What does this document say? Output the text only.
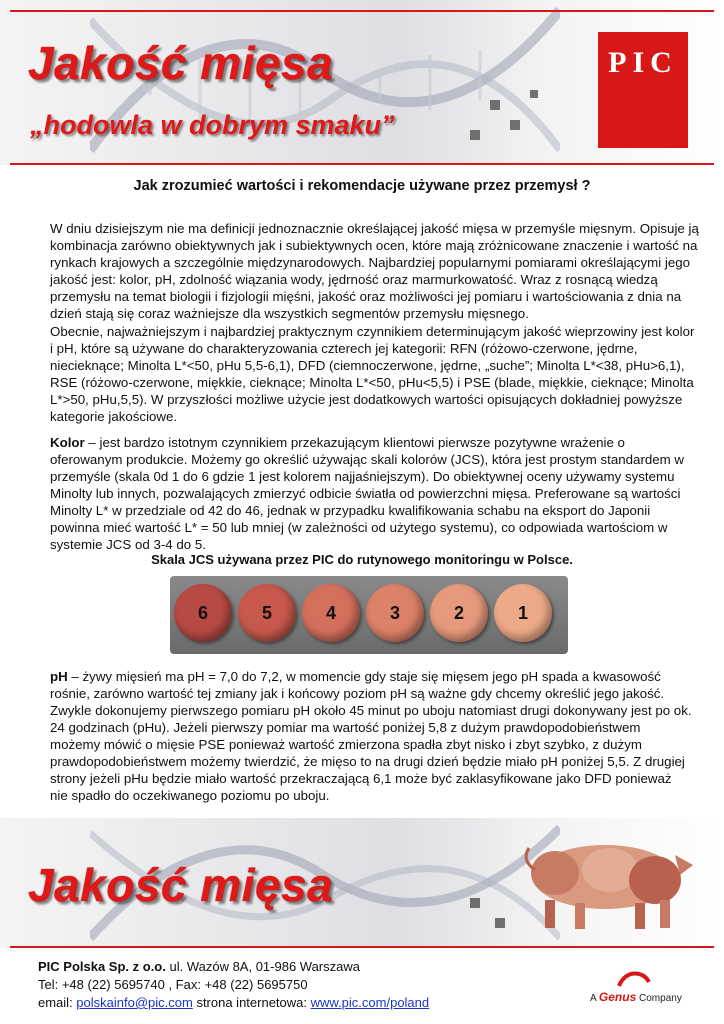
Jakość mięsa
„hodowla w dobrym smaku”
PIC
Jak zrozumieć wartości i rekomendacje używane przez przemysł ?

W dniu dzisiejszym nie ma definicji jednoznacznie określającej jakość mięsa w przemyśle mięsnym. Opisuje ją kombinacja zarówno obiektywnych jak i subiektywnych ocen, które mają zróżnicowane znaczenie i wartość na rynkach krajowych a szczególnie międzynarodowych. Najbardziej popularnymi pomiarami określającymi jego jakość jest: kolor, pH, zdolność wiązania wody, jędrność oraz marmurkowatość. Wraz z rosnącą wiedzą przemysłu na temat biologii i fizjologii mięśni, jakość oraz możliwości jej pomiaru i wartościowania z dnia na dzień stają się coraz ważniejsze dla wszystkich segmentów przemysłu mięsnego.

Obecnie, najważniejszym i najbardziej praktycznym czynnikiem determinującym jakość wieprzowiny jest kolor i pH, które są używane do charakteryzowania czterech jej kategorii: RFN (różowo-czerwone, jędrne, niecieknące; Minolta L*<50, pHu 5,5-6,1), DFD (ciemnoczerwone, jędrne, „suche”; Minolta L*<38, pHu>6,1), RSE (różowo-czerwone, miękkie, cieknące; Minolta L*<50, pHu<5,5) i PSE (blade, miękkie, cieknące; Minolta L*>50, pHu,5,5). W przyszłości możliwe użycie jest dodatkowych wartości opisujących dokładniej powyższe kategorie jakościowe.

Kolor – jest bardzo istotnym czynnikiem przekazującym klientowi pierwsze pozytywne wrażenie o oferowanym produkcie. Możemy go określić używając skali kolorów (JCS), która jest prostym standardem w przemyśle (skala 0d 1 do 6 gdzie 1 jest kolorem najjaśniejszym). Do obiektywnej oceny używamy systemu Minolty lub innych, pozwalających zmierzyć odbicie światła od powierzchni mięsa. Preferowane są wartości Minolty L* w przedziale od 42 do 46, jednak w przypadku kwalifikowania schabu na eksport do Japonii powinna mieć wartość L* = 50 lub mniej (w zależności od użytego systemu), co odpowiada wartościom w systemie JCS od 3-4 do 5.

Skala JCS używana przez PIC do rutynowego monitoringu w Polsce.
6	5	4	3	2	1

pH – żywy mięsień ma pH = 7,0 do 7,2, w momencie gdy staje się mięsem jego pH spada a kwasowość rośnie, zarówno wartość tej zmiany jak i końcowy poziom pH są ważne gdy chcemy określić jego jakość. Zwykle dokonujemy pierwszego pomiaru pH około 45 minut po uboju natomiast drugi dokonywany jest po ok. 24 godzinach (pHu). Jeżeli pierwszy pomiar ma wartość poniżej 5,8 z dużym prawdopodobieństwem możemy mówić o mięsie PSE ponieważ wartość zmierzona spadła zbyt nisko i zbyt szybko, z dużym prawdopodobieństwem możemy twierdzić, że mięso to na drugi dzień będzie miało pH poniżej 5,5. Z drugiej strony jeżeli pHu będzie miało wartość przekraczającą 6,1 może być zaklasyfikowane jako DFD ponieważ nie spadło do oczekiwanego poziomu po uboju.

Jakość mięsa
PIC Polska Sp. z o.o. ul. Wazów 8A, 01-986 Warszawa
Tel: +48 (22) 5695740 , Fax: +48 (22) 5695750
email: polskainfo@pic.com strona internetowa: www.pic.com/poland	A Genus Company
